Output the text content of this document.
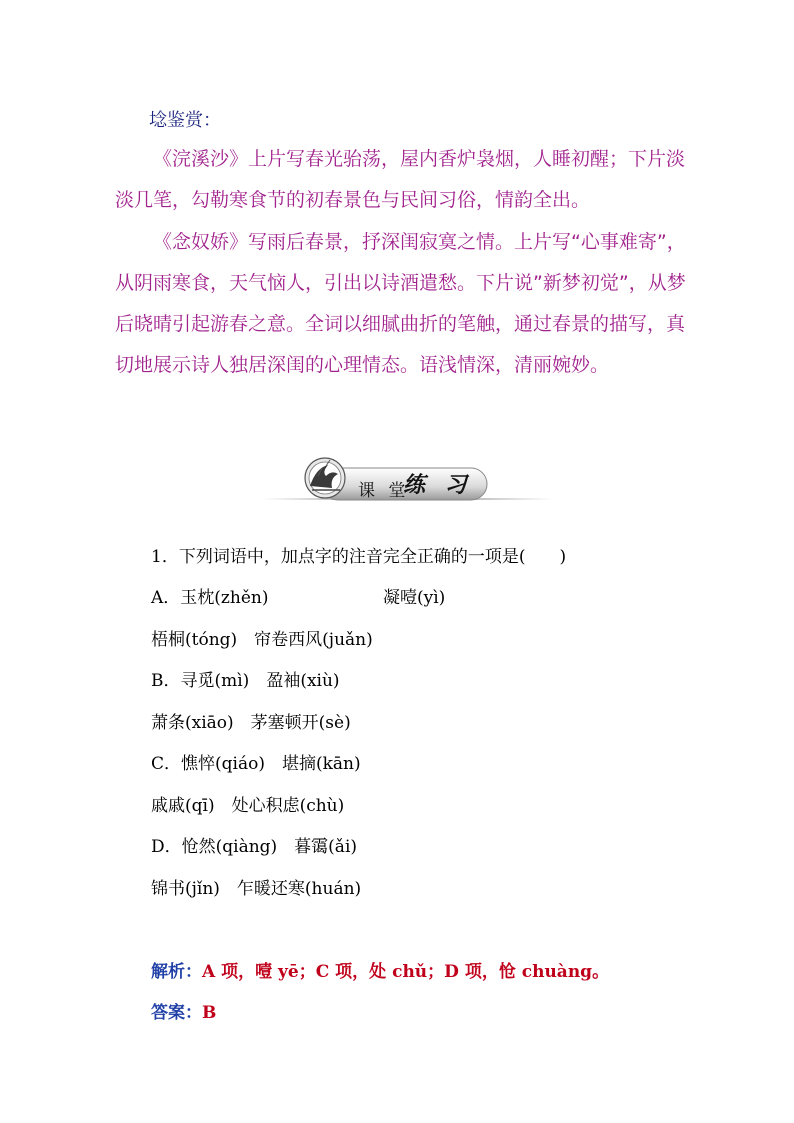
埝鉴赏：
《浣溪沙》上片写春光骀荡，屋内香炉袅烟，人睡初醒；下片淡淡几笔，勾勒寒食节的初春景色与民间习俗，情韵全出。
《念奴娇》写雨后春景，抒深闺寂寞之情。上片写“心事难寄”，从阴雨寒食，天气恼人，引出以诗酒遣愁。下片说”新梦初觉”，从梦后晓晴引起游春之意。全词以细腻曲折的笔触，通过春景的描写，真切地展示诗人独居深闺的心理情态。语浅情深，清丽婉妙。
课 堂
练 习
1．下列词语中，加点字的注音完全正确的一项是(　　)
A．玉枕(zhěn)	凝噎(yì)
梧桐(tóng)　帘卷西风(juǎn)
B．寻觅(mì)　盈袖(xiù)
萧条(xiāo)　茅塞顿开(sè)
C．憔悴(qiáo)　堪摘(kān)
戚戚(qī)　处心积虑(chù)
D．怆然(qiàng)　暮霭(ǎi)
锦书(jǐn)　乍暖还寒(huán)
解析：A 项，噎 yē；C 项，处 chǔ；D 项，怆 chuàng。
答案：B
